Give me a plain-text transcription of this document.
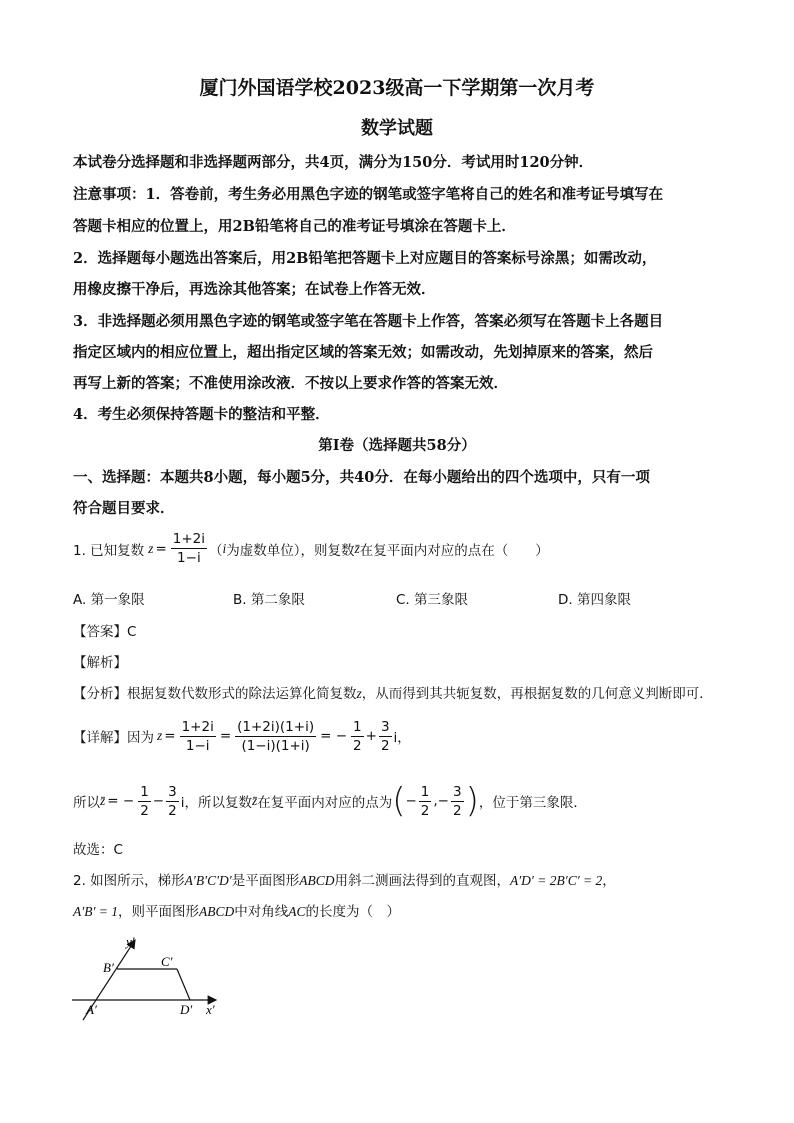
厦门外国语学校2023级高一下学期第一次月考
数学试题
本试卷分选择题和非选择题两部分，共4页，满分为150分．考试用时120分钟．
注意事项：1．答卷前，考生务必用黑色字迹的钢笔或签字笔将自己的姓名和准考证号填写在
答题卡相应的位置上，用2B铅笔将自己的准考证号填涂在答题卡上．
2．选择题每小题选出答案后，用2B铅笔把答题卡上对应题目的答案标号涂黑；如需改动，
用橡皮擦干净后，再选涂其他答案；在试卷上作答无效．
3．非选择题必须用黑色字迹的钢笔或签字笔在答题卡上作答，答案必须写在答题卡上各题目
指定区域内的相应位置上，超出指定区域的答案无效；如需改动，先划掉原来的答案，然后
再写上新的答案；不准使用涂改液．不按以上要求作答的答案无效．
4．考生必须保持答题卡的整洁和平整．
第Ⅰ卷（选择题共58分）
一、选择题：本题共8小题，每小题5分，共40分．在每小题给出的四个选项中，只有一项
符合题目要求．
1. 已知复数 $z = \frac{1+2i}{1-i}$ （ i 为虚数单位），则复数 z̄ 在复平面内对应的点在（　　）
A. 第一象限	B. 第二象限	C. 第三象限	D. 第四象限
【答案】C
【解析】
【分析】根据复数代数形式的除法运算化简复数z，从而得到其共轭复数，再根据复数的几何意义判断即可．
【详解】 因为 $z = \frac{1+2i}{1-i} = \frac{(1+2i)(1+i)}{(1-i)(1+i)}$ = − $\frac{1}{2} + \frac{3}{2}$ i，
所以 z̄ = − $\frac{1}{2} - \frac{3}{2}$ i，所以复数 z̄ 在复平面内对应的点为 ( − $\frac{1}{2}$ ,− $\frac{3}{2}$ ) ，位于第三象限．
故选：C
2. 如图所示，梯形A′B′C′D′是平面图形ABCD用斜二测画法得到的直观图，A′D′ = 2B′C′ = 2，
A′B′ = 1，则平面图形ABCD中对角线AC的长度为（　）
y′
x′
A′
B′	C′
D′
